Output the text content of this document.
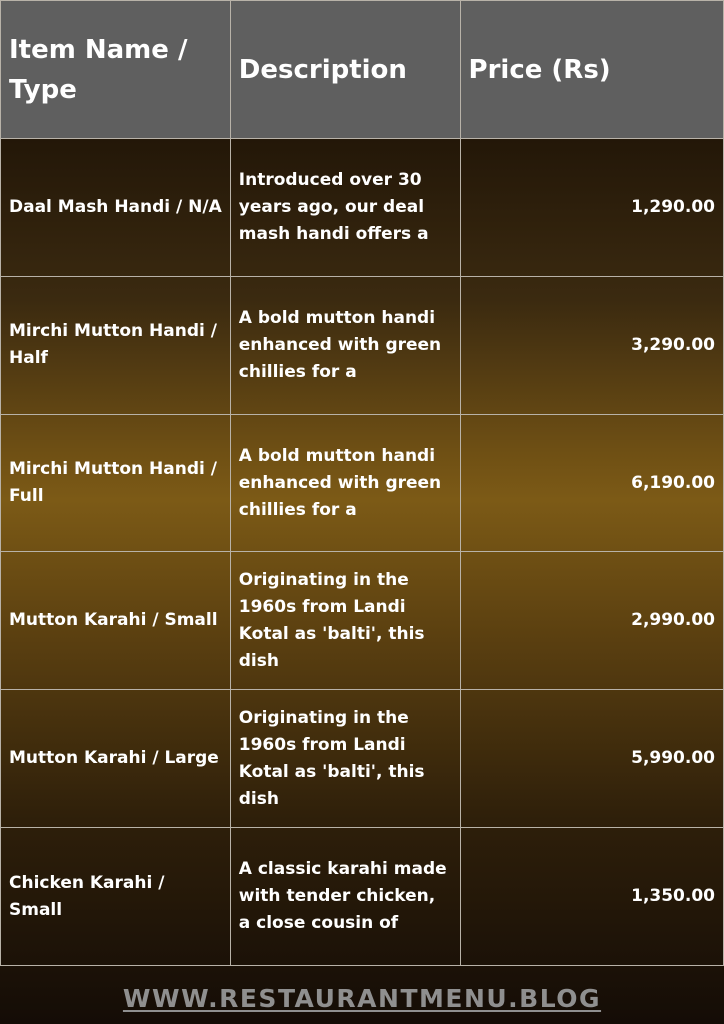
Item Name / Type	Description	Price (Rs)
Daal Mash Handi / N/A	Introduced over 30 years ago, our deal mash handi offers a	1,290.00
Mirchi Mutton Handi / Half	A bold mutton handi enhanced with green chillies for a	3,290.00
Mirchi Mutton Handi / Full	A bold mutton handi enhanced with green chillies for a	6,190.00
Mutton Karahi / Small	Originating in the 1960s from Landi Kotal as 'balti', this dish	2,990.00
Mutton Karahi / Large	Originating in the 1960s from Landi Kotal as 'balti', this dish	5,990.00
Chicken Karahi / Small	A classic karahi made with tender chicken, a close cousin of	1,350.00
WWW.RESTAURANTMENU.BLOG
